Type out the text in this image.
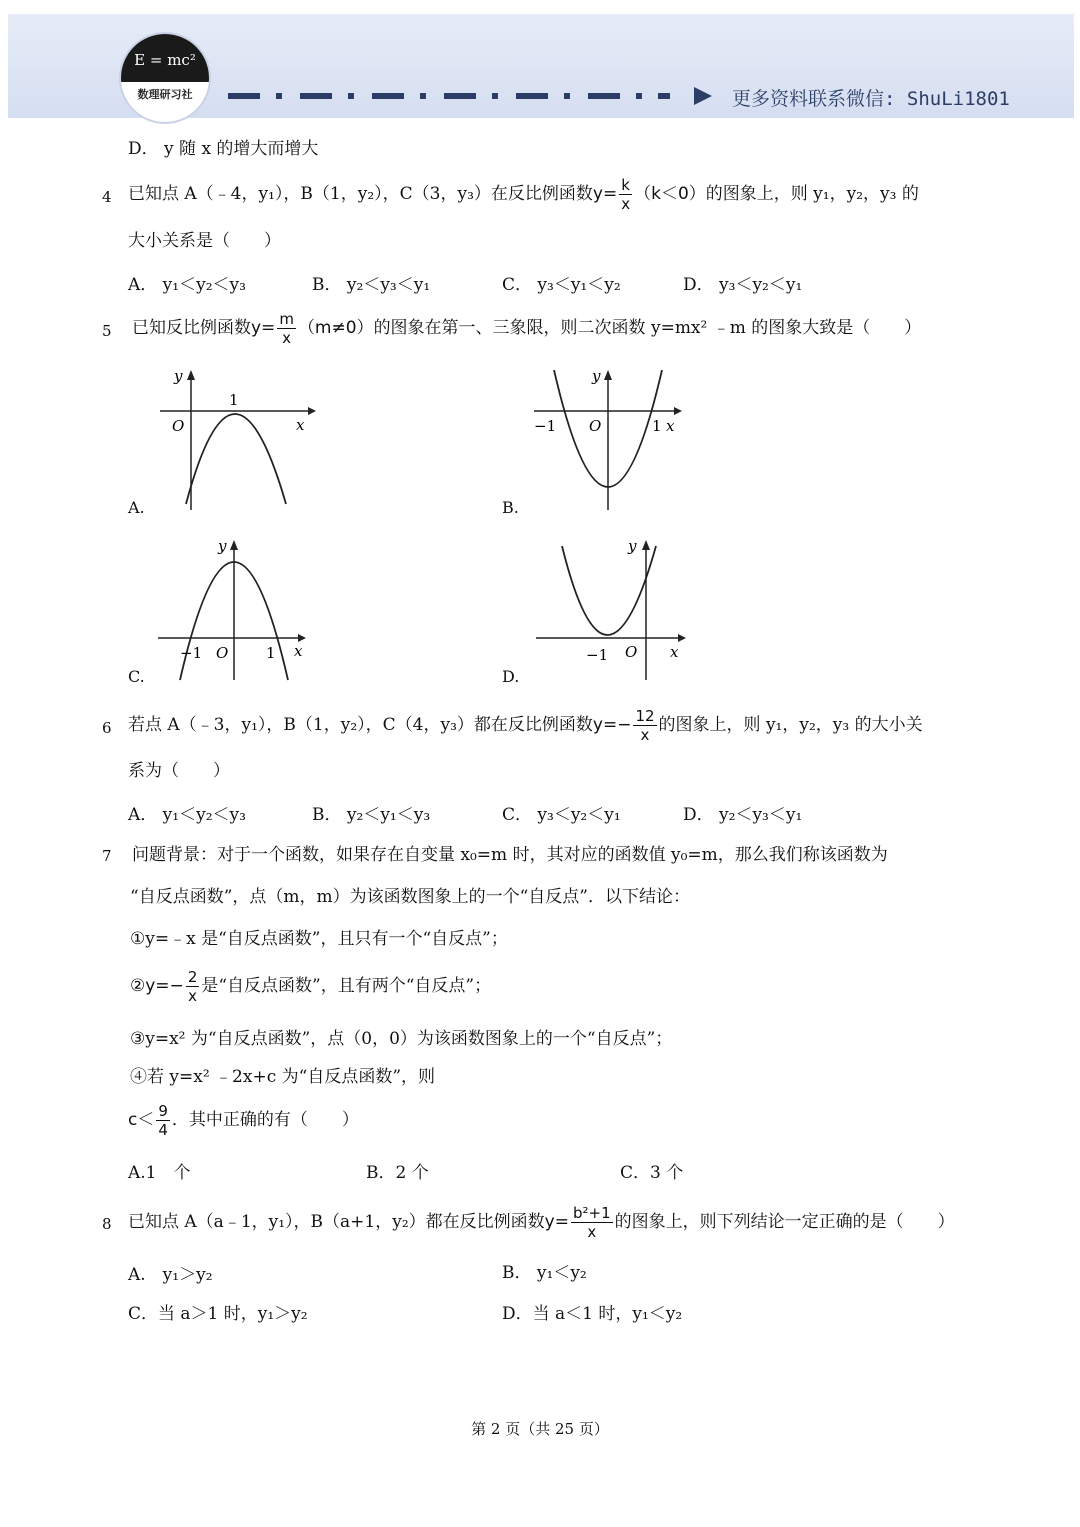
E = mc²
数理研习社	更多资料联系微信: ShuLi1801
D． y 随 x 的增大而增大
4 已知点 A（﹣4，y₁），B（1，y₂），C（3，y₃）在反比例函数$y= \frac{k}{x} (k<0)$的图象上，则 y₁，y₂，y₃ 的
大小关系是（　　）
A． y₁＜y₂＜y₃	B． y₂＜y₃＜y₁	C． y₃＜y₁＜y₂	D． y₃＜y₂＜y₁
5 已知反比例函数$y= \frac{m}{x} (m\ne 0)$的图象在第一、三象限，则二次函数 y=mx² ﹣m 的图象大致是（　　）
y
x
O
1
A.
y
x
O
−1	1
B.
y
x
O
−1	1
C.
y
x
O
−1
D.
6 若点 A（﹣3，y₁），B（1，y₂），C（4，y₃）都在反比例函数$y=- \frac{12}{x}$ 的图象上，则 y₁，y₂，y₃ 的大小关
系为（　　）
A． y₁＜y₂＜y₃	B． y₂＜y₁＜y₃	C． y₃＜y₂＜y₁	D． y₂＜y₃＜y₁
7 问题背景：对于一个函数，如果存在自变量 x₀=m 时，其对应的函数值 y₀=m，那么我们称该函数为
“自反点函数”，点（m，m）为该函数图象上的一个“自反点”．以下结论：
①y=﹣x 是“自反点函数”，且只有一个“自反点”；
②y=− $\frac{2}{x}$ 是“自反点函数”，且有两个“自反点”；
③y=x² 为“自反点函数”，点（0，0）为该函数图象上的一个“自反点”；
④若 y=x² ﹣2x+c 为“自反点函数”，则
$c< \frac{9}{4}$ ．其中正确的有（　　）
A.1　个	B．2 个	C．3 个
8 已知点 A（a﹣1，y₁），B（a+1，y₂）都在反比例函数$y= \frac{\text{b²+1}}{x}$ 的图象上，则下列结论一定正确的是（　　）
A.　y₁＞y₂	B． y₁＜y₂
C．当 a＞1 时，y₁＞y₂	D．当 a＜1 时，y₁＜y₂
第 2 页（共 25 页）
